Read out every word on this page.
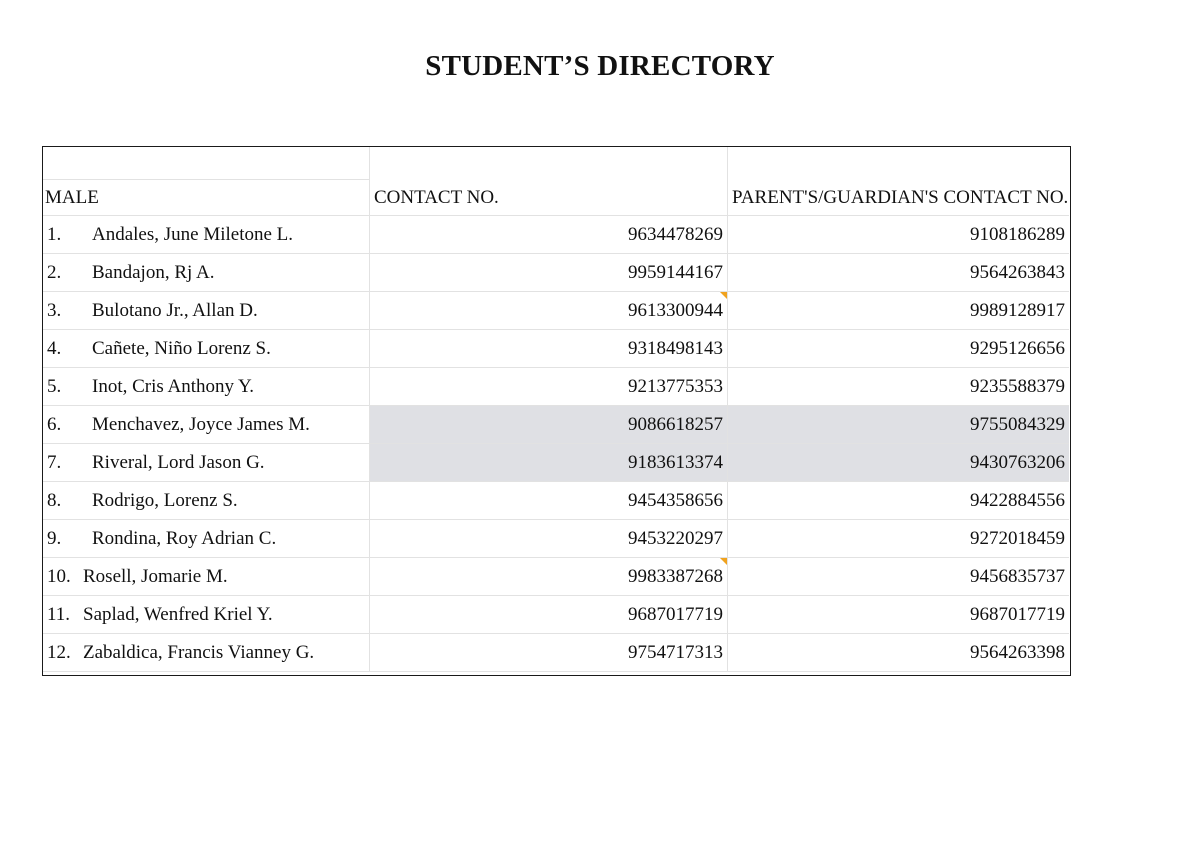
STUDENT’S DIRECTORY
MALE	CONTACT NO.	PARENT'S/GUARDIAN'S CONTACT NO.
1. Andales, June Miletone L.	9634478269	9108186289
2. Bandajon, Rj A.	9959144167	9564263843
3. Bulotano Jr., Allan D.	9613300944	9989128917
4. Cañete, Niño Lorenz S.	9318498143	9295126656
5. Inot, Cris Anthony Y.	9213775353	9235588379
6. Menchavez, Joyce James M.	9086618257	9755084329
7. Riveral, Lord Jason G.	9183613374	9430763206
8. Rodrigo, Lorenz S.	9454358656	9422884556
9. Rondina, Roy Adrian C.	9453220297	9272018459
10. Rosell, Jomarie M.	9983387268	9456835737
11. Saplad, Wenfred Kriel Y.	9687017719	9687017719
12. Zabaldica, Francis Vianney G.	9754717313	9564263398
